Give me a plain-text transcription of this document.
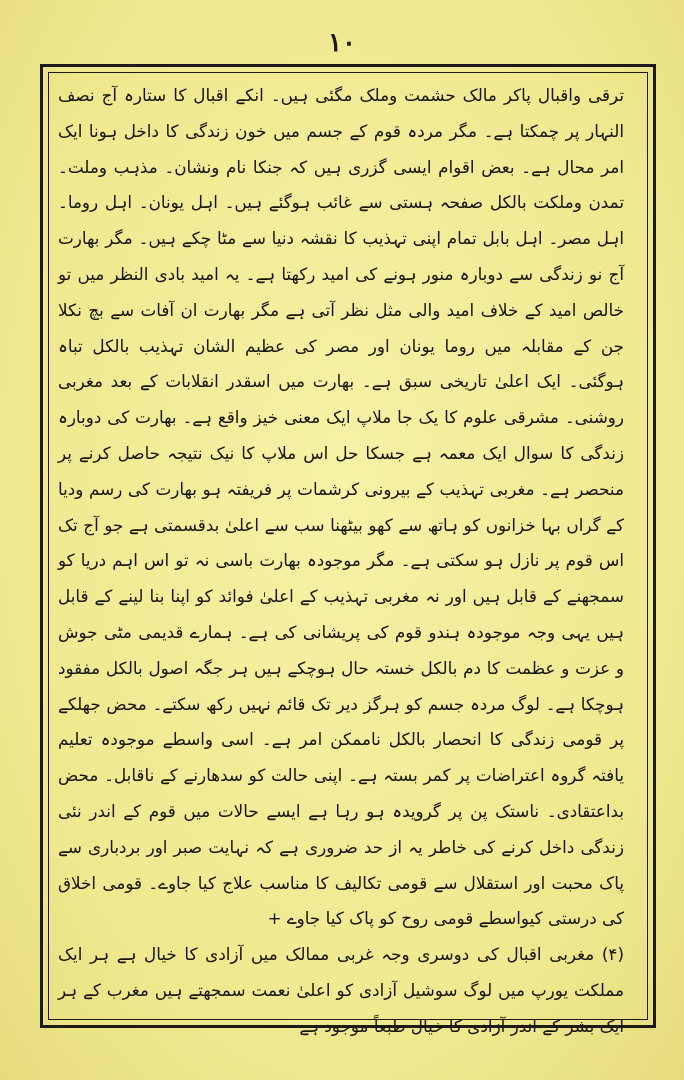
۱۰

ترقی واقبال پاکر مالک حشمت وملک مگئی ہیں۔ انکے اقبال کا ستارہ آج نصف النہار پر چمکتا ہے۔ مگر مردہ قوم کے جسم میں خون زندگی کا داخل ہونا ایک امر محال ہے۔ بعض اقوام ایسی گزری ہیں کہ جنکا نام ونشان۔ مذہب وملت۔ تمدن وملکت بالکل صفحہ ہستی سے غائب ہوگئے ہیں۔ اہل یونان۔ اہل روما۔ اہل مصر۔ اہل بابل تمام اپنی تہذیب کا نقشہ دنیا سے مٹا چکے ہیں۔ مگر بھارت آج نو زندگی سے دوبارہ منور ہونے کی امید رکھتا ہے۔ یہ امید بادی النظر میں تو خالص امید کے خلاف امید والی مثل نظر آتی ہے مگر بھارت ان آفات سے بچ نکلا جن کے مقابلہ میں روما یونان اور مصر کی عظیم الشان تہذیب بالکل تباہ ہوگئی۔ ایک اعلیٰ تاریخی سبق ہے۔ بھارت میں اسقدر انقلابات کے بعد مغربی روشنی۔ مشرقی علوم کا یک جا ملاپ ایک معنی خیز واقع ہے۔ بھارت کی دوبارہ زندگی کا سوال ایک معمہ ہے جسکا حل اس ملاپ کا نیک نتیجہ حاصل کرنے پر منحصر ہے۔ مغربی تہذیب کے بیرونی کرشمات پر فریفتہ ہو بھارت کی رسم ودیا کے گراں بہا خزانوں کو ہاتھ سے کھو بیٹھنا سب سے اعلیٰ بدقسمتی ہے جو آج تک اس قوم پر نازل ہو سکتی ہے۔ مگر موجودہ بھارت باسی نہ تو اس اہم دریا کو سمجھنے کے قابل ہیں اور نہ مغربی تہذیب کے اعلیٰ فوائد کو اپنا بنا لینے کے قابل ہیں یہی وجہ موجودہ ہندو قوم کی پریشانی کی ہے۔ ہمارے قدیمی مٹی جوش و عزت و عظمت کا دم بالکل خستہ حال ہوچکے ہیں ہر جگہ اصول بالکل مفقود ہوچکا ہے۔ لوگ مردہ جسم کو ہرگز دیر تک قائم نہیں رکھ سکتے۔ محض جھلکے پر قومی زندگی کا انحصار بالکل ناممکن امر ہے۔ اسی واسطے موجودہ تعلیم یافتہ گروہ اعتراضات پر کمر بستہ ہے۔ اپنی حالت کو سدھارنے کے ناقابل۔ محض بداعتقادی۔ ناستک پن پر گرویدہ ہو رہا ہے ایسے حالات میں قوم کے اندر نئی زندگی داخل کرنے کی خاطر یہ از حد ضروری ہے کہ نہایت صبر اور بردباری سے پاک محبت اور استقلال سے قومی تکالیف کا مناسب علاج کیا جاوے۔ قومی اخلاق کی درستی کیواسطے قومی روح کو پاک کیا جاوے +

(۴) مغربی اقبال کی دوسری وجہ غربی ممالک میں آزادی کا خیال ہے ہر ایک مملکت یورپ میں لوگ سوشیل آزادی کو اعلیٰ نعمت سمجھتے ہیں مغرب کے ہر ایک بشر کے اندر آزادی کا خیال طبعاً موجود ہے
